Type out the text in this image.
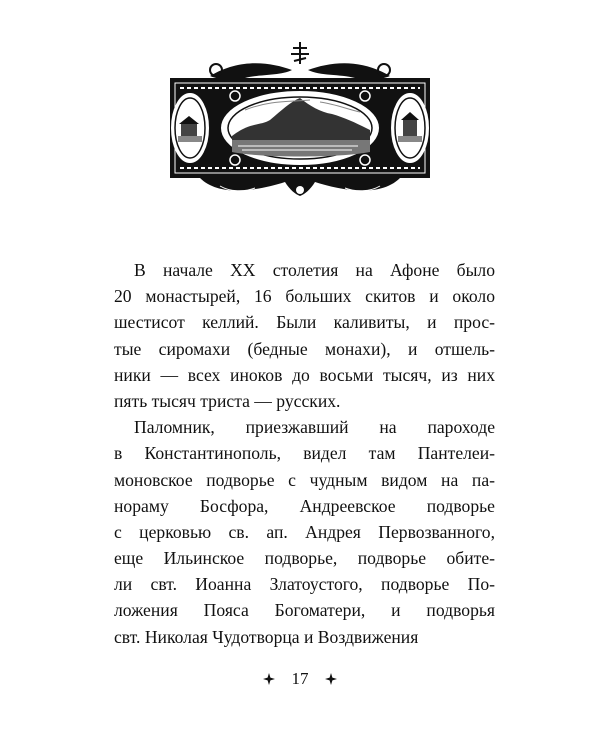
В начале XX столетия на Афоне было
20 монастырей, 16 больших скитов и около
шестисот келлий. Были каливиты, и прос-
тые сиромахи (бедные монахи), и отшель-
ники — всех иноков до восьми тысяч, из них
пять тысяч триста — русских.
Паломник, приезжавший на пароходе
в Константинополь, видел там Пантелеи-
моновское подворье с чудным видом на па-
нораму Босфора, Андреевское подворье
с церковью св. ап. Андрея Первозванного,
еще Ильинское подворье, подворье обите-
ли свт. Иоанна Златоустого, подворье По-
ложения Пояса Богоматери, и подворья
свт. Николая Чудотворца и Воздвижения
17
